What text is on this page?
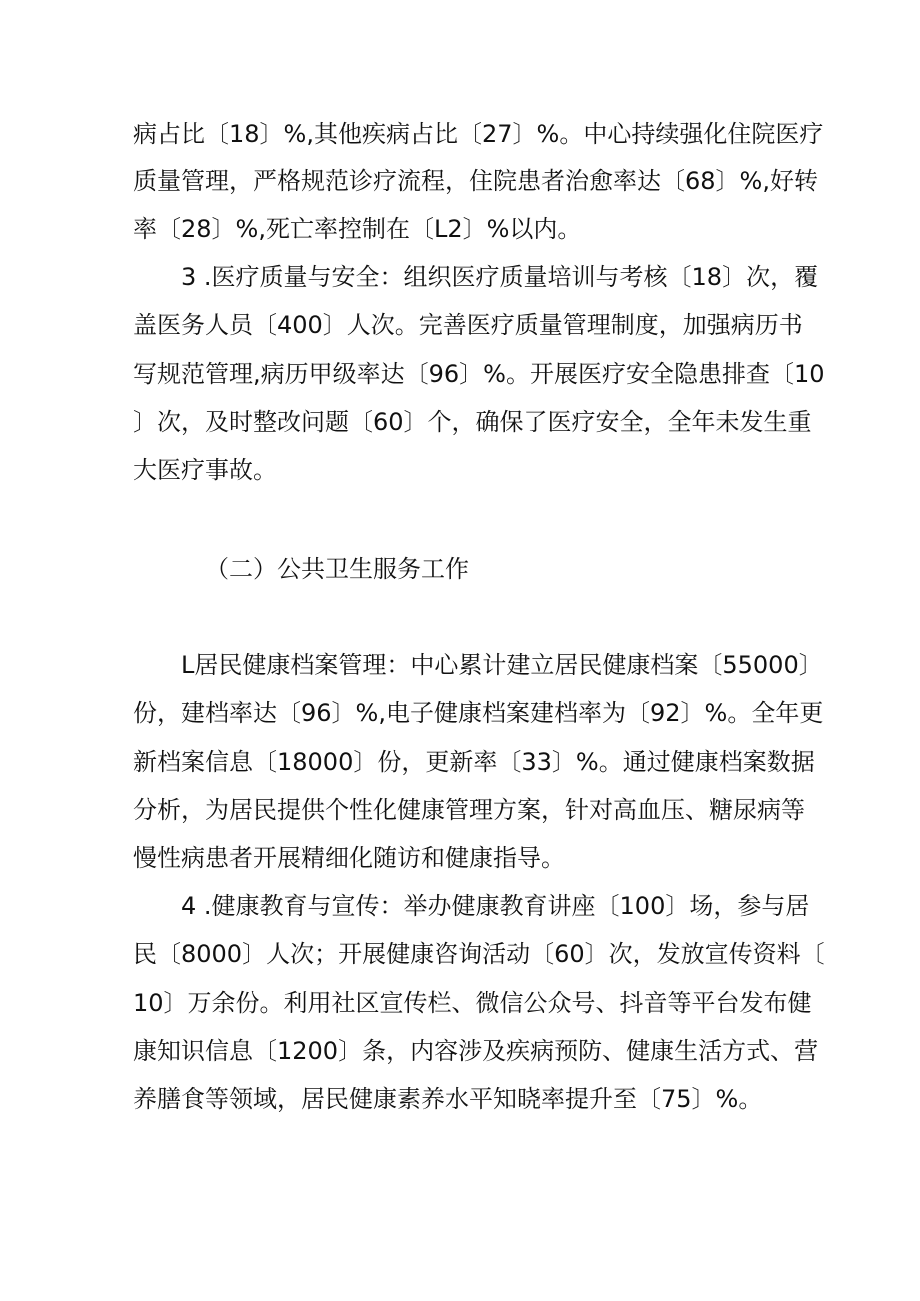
病占比〔18〕%,其他疾病占比〔27〕%。中心持续强化住院医疗
质量管理，严格规范诊疗流程，住院患者治愈率达〔68〕%,好转
率〔28〕%,死亡率控制在〔L2〕%以内。
3 .医疗质量与安全：组织医疗质量培训与考核〔18〕次，覆
盖医务人员〔400〕人次。完善医疗质量管理制度，加强病历书
写规范管理,病历甲级率达〔96〕%。开展医疗安全隐患排查〔10
〕次，及时整改问题〔60〕个，确保了医疗安全，全年未发生重
大医疗事故。
（二）公共卫生服务工作
L居民健康档案管理：中心累计建立居民健康档案〔55000〕
份，建档率达〔96〕%,电子健康档案建档率为〔92〕%。全年更
新档案信息〔18000〕份，更新率〔33〕%。通过健康档案数据
分析，为居民提供个性化健康管理方案，针对高血压、糖尿病等
慢性病患者开展精细化随访和健康指导。
4 .健康教育与宣传：举办健康教育讲座〔100〕场，参与居
民〔8000〕人次；开展健康咨询活动〔60〕次，发放宣传资料〔
10〕万余份。利用社区宣传栏、微信公众号、抖音等平台发布健
康知识信息〔1200〕条，内容涉及疾病预防、健康生活方式、营
养膳食等领域，居民健康素养水平知晓率提升至〔75〕%。
